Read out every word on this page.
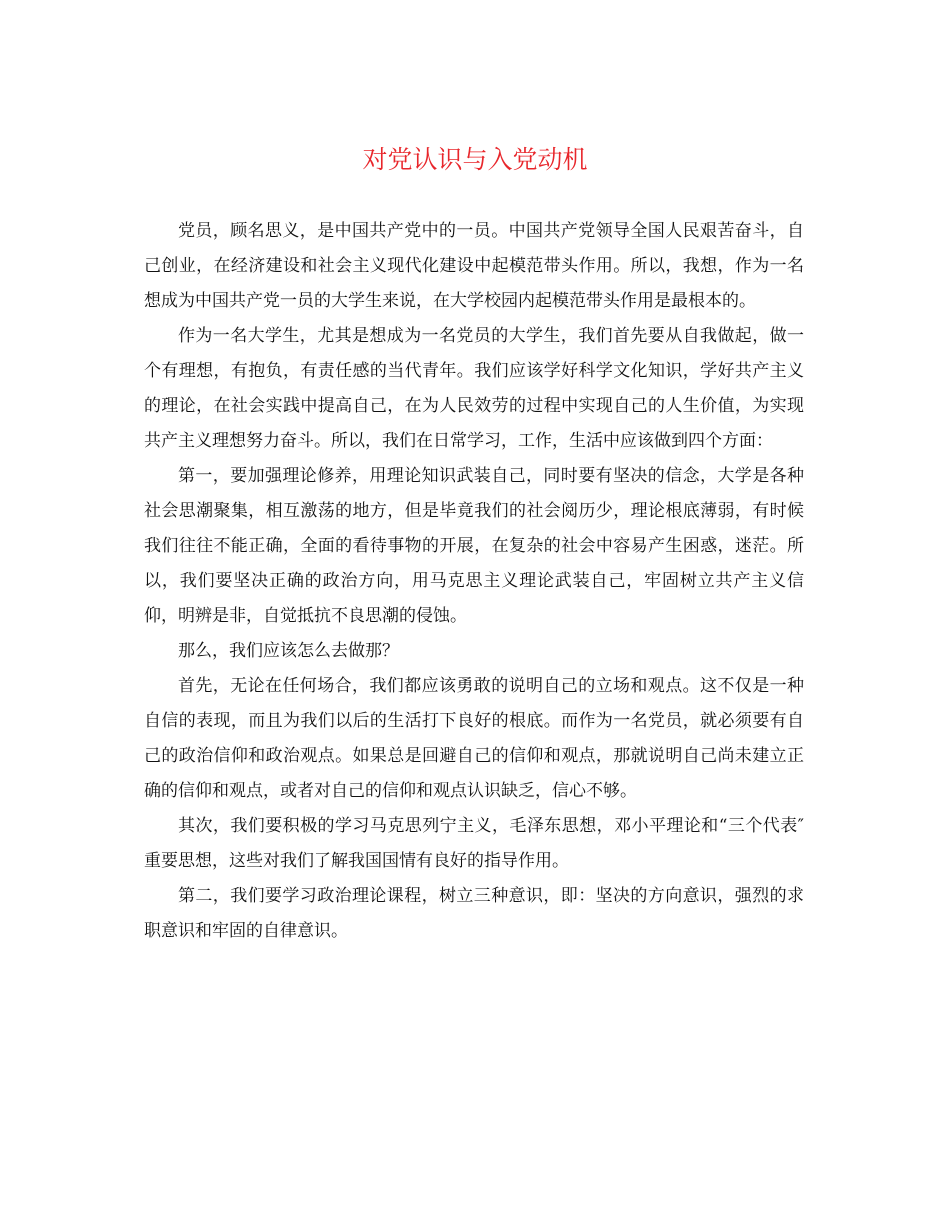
对党认识与入党动机

党员，顾名思义，是中国共产党中的一员。中国共产党领导全国人民艰苦奋斗，自己创业，在经济建设和社会主义现代化建设中起模范带头作用。所以，我想，作为一名想成为中国共产党一员的大学生来说，在大学校园内起模范带头作用是最根本的。

作为一名大学生，尤其是想成为一名党员的大学生，我们首先要从自我做起，做一个有理想，有抱负，有责任感的当代青年。我们应该学好科学文化知识，学好共产主义的理论，在社会实践中提高自己，在为人民效劳的过程中实现自己的人生价值，为实现共产主义理想努力奋斗。所以，我们在日常学习，工作，生活中应该做到四个方面：

第一，要加强理论修养，用理论知识武装自己，同时要有坚决的信念，大学是各种社会思潮聚集，相互激荡的地方，但是毕竟我们的社会阅历少，理论根底薄弱，有时候我们往往不能正确，全面的看待事物的开展，在复杂的社会中容易产生困惑，迷茫。所以，我们要坚决正确的政治方向，用马克思主义理论武装自己，牢固树立共产主义信仰，明辨是非，自觉抵抗不良思潮的侵蚀。

那么，我们应该怎么去做那？

首先，无论在任何场合，我们都应该勇敢的说明自己的立场和观点。这不仅是一种自信的表现，而且为我们以后的生活打下良好的根底。而作为一名党员，就必须要有自己的政治信仰和政治观点。如果总是回避自己的信仰和观点，那就说明自己尚未建立正确的信仰和观点，或者对自己的信仰和观点认识缺乏，信心不够。

其次，我们要积极的学习马克思列宁主义，毛泽东思想，邓小平理论和“三个代表″重要思想，这些对我们了解我国国情有良好的指导作用。

第二，我们要学习政治理论课程，树立三种意识，即：坚决的方向意识，强烈的求职意识和牢固的自律意识。
